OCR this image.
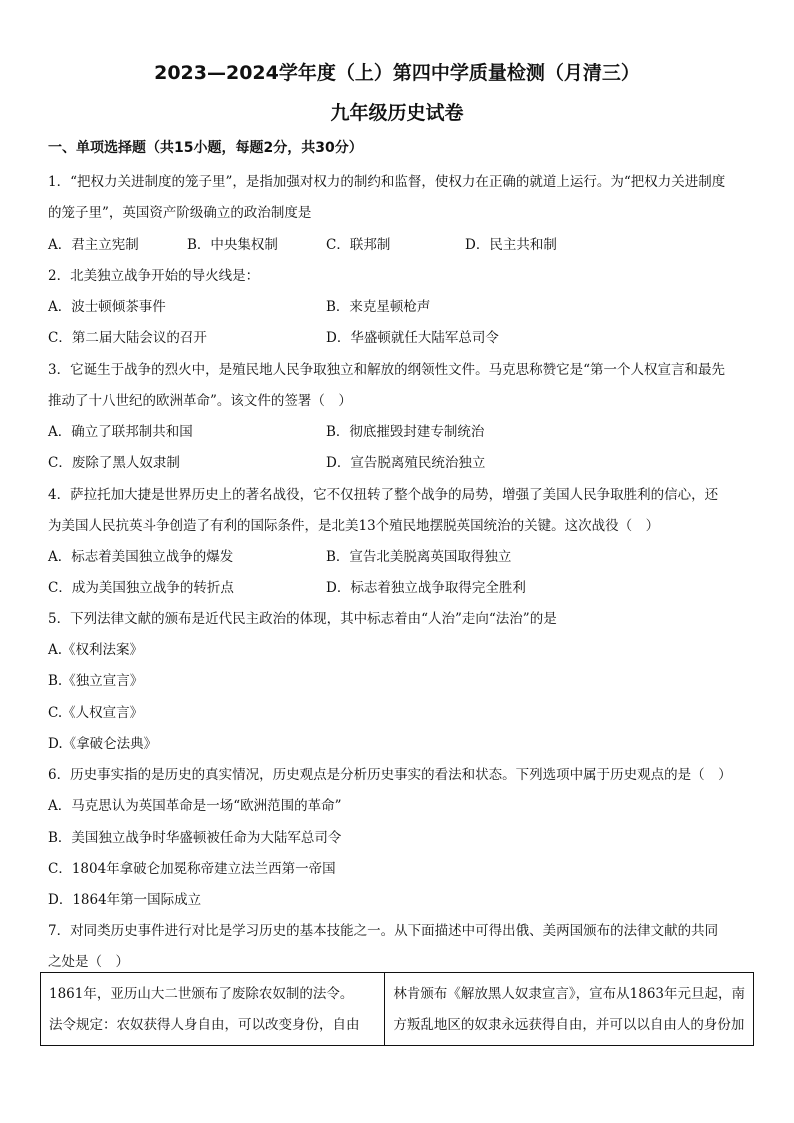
2023—2024学年度（上）第四中学质量检测（月清三）
九年级历史试卷
一、单项选择题（共15小题，每题2分，共30分）
1．“把权力关进制度的笼子里”，是指加强对权力的制约和监督，使权力在正确的就道上运行。为“把权力关进制度
的笼子里”，英国资产阶级确立的政治制度是
A．君主立宪制	B．中央集权制	C．联邦制	D．民主共和制
2．北美独立战争开始的导火线是：
A．波士顿倾茶事件	B．来克星顿枪声
C．第二届大陆会议的召开	D．华盛顿就任大陆军总司令
3．它诞生于战争的烈火中，是殖民地人民争取独立和解放的纲领性文件。马克思称赞它是“第一个人权宣言和最先
推动了十八世纪的欧洲革命”。该文件的签署（　）
A．确立了联邦制共和国	B．彻底摧毁封建专制统治
C．废除了黑人奴隶制	D．宣告脱离殖民统治独立
4．萨拉托加大捷是世界历史上的著名战役，它不仅扭转了整个战争的局势，增强了美国人民争取胜利的信心，还
为美国人民抗英斗争创造了有利的国际条件，是北美13个殖民地摆脱英国统治的关键。这次战役（　）
A．标志着美国独立战争的爆发	B．宣告北美脱离英国取得独立
C．成为美国独立战争的转折点	D．标志着独立战争取得完全胜利
5．下列法律文献的颁布是近代民主政治的体现，其中标志着由“人治”走向“法治”的是
A.《权利法案》
B.《独立宣言》
C.《人权宣言》
D.《拿破仑法典》
6．历史事实指的是历史的真实情况，历史观点是分析历史事实的看法和状态。下列选项中属于历史观点的是（　）
A．马克思认为英国革命是一场“欧洲范围的革命”
B．美国独立战争时华盛顿被任命为大陆军总司令
C．1804年拿破仑加冕称帝建立法兰西第一帝国
D．1864年第一国际成立
7．对同类历史事件进行对比是学习历史的基本技能之一。从下面描述中可得出俄、美两国颁布的法律文献的共同
之处是（　）
1861年，亚历山大二世颁布了废除农奴制的法令。
法令规定：农奴获得人身自由，可以改变身份，自由

林肯颁布《解放黑人奴隶宣言》，宣布从1863年元旦起，南
方叛乱地区的奴隶永远获得自由，并可以以自由人的身份加
